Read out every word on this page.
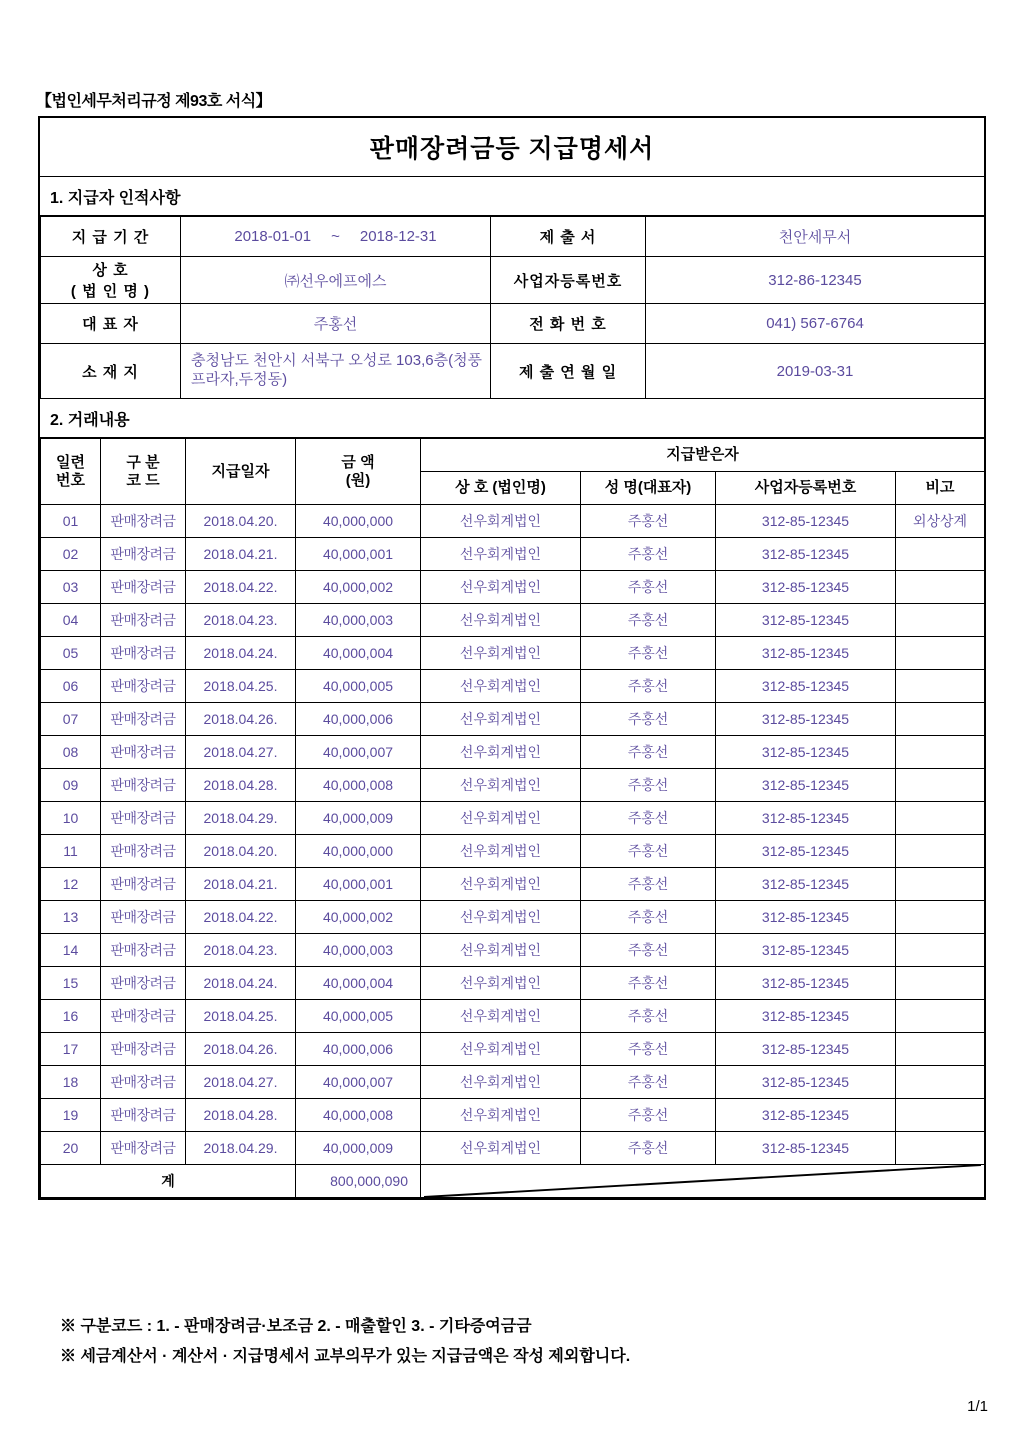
【법인세무처리규정 제93호 서식】
판매장려금등 지급명세서
1. 지급자 인적사항
지 급 기 간	2018-01-01 ~ 2018-12-31	제 출 서	천안세무서

상 호
( 법 인 명 )	㈜선우에프에스	사업자등록번호	312-86-12345
대 표 자	주홍선	전 화 번 호	041) 567-6764
소 재 지	충청남도 천안시 서북구 오성로 103,6층(청풍프라자,두정동)	제 출 연 월 일	2019-03-31
2. 거래내용
일련
번호

구 분
코 드
	지급일자	
금 액
(원)
	지급받은자
				상 호 (법인명)	성 명(대표자)	사업자등록번호	비고
01	판매장려금	2018.04.20.	40,000,000	선우회계법인	주홍선	312-85-12345	외상상계
02	판매장려금	2018.04.21.	40,000,001	선우회계법인	주홍선	312-85-12345	
03	판매장려금	2018.04.22.	40,000,002	선우회계법인	주홍선	312-85-12345	
04	판매장려금	2018.04.23.	40,000,003	선우회계법인	주홍선	312-85-12345	
05	판매장려금	2018.04.24.	40,000,004	선우회계법인	주홍선	312-85-12345	
06	판매장려금	2018.04.25.	40,000,005	선우회계법인	주홍선	312-85-12345	
07	판매장려금	2018.04.26.	40,000,006	선우회계법인	주홍선	312-85-12345	
08	판매장려금	2018.04.27.	40,000,007	선우회계법인	주홍선	312-85-12345	
09	판매장려금	2018.04.28.	40,000,008	선우회계법인	주홍선	312-85-12345	
10	판매장려금	2018.04.29.	40,000,009	선우회계법인	주홍선	312-85-12345	
11	판매장려금	2018.04.20.	40,000,000	선우회계법인	주홍선	312-85-12345	
12	판매장려금	2018.04.21.	40,000,001	선우회계법인	주홍선	312-85-12345	
13	판매장려금	2018.04.22.	40,000,002	선우회계법인	주홍선	312-85-12345	
14	판매장려금	2018.04.23.	40,000,003	선우회계법인	주홍선	312-85-12345	
15	판매장려금	2018.04.24.	40,000,004	선우회계법인	주홍선	312-85-12345	
16	판매장려금	2018.04.25.	40,000,005	선우회계법인	주홍선	312-85-12345	
17	판매장려금	2018.04.26.	40,000,006	선우회계법인	주홍선	312-85-12345	
18	판매장려금	2018.04.27.	40,000,007	선우회계법인	주홍선	312-85-12345	
19	판매장려금	2018.04.28.	40,000,008	선우회계법인	주홍선	312-85-12345	
20	판매장려금	2018.04.29.	40,000,009	선우회계법인	주홍선	312-85-12345	
계			800,000,090	
※ 구분코드 : 1. - 판매장려금·보조금 2. - 매출할인 3. - 기타증여금금
※ 세금계산서 · 계산서 · 지급명세서 교부의무가 있는 지급금액은 작성 제외합니다.
1/1
